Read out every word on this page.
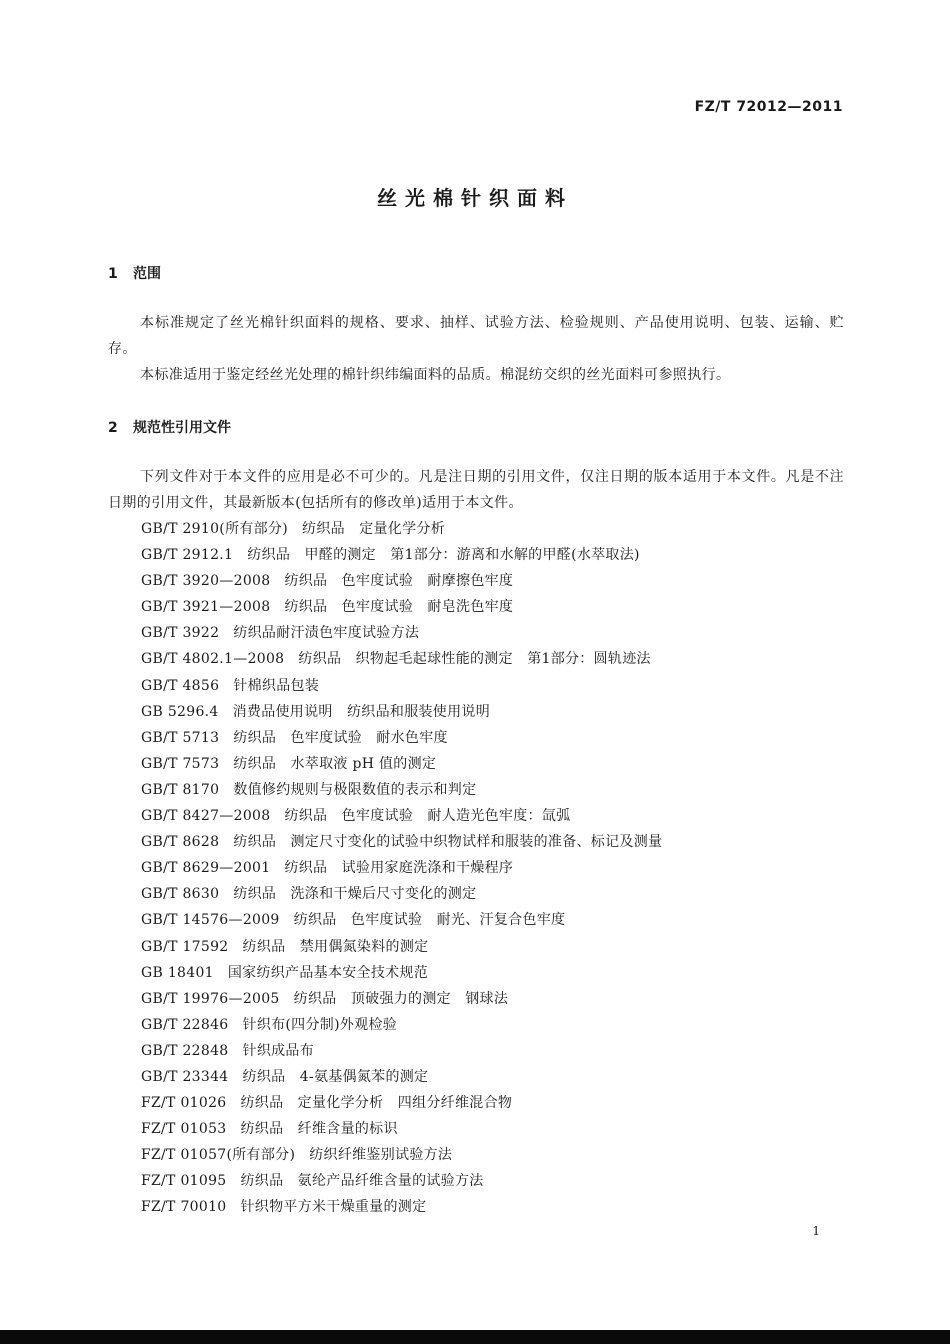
FZ/T 72012—2011
丝光棉针织面料
1 范围
本标准规定了丝光棉针织面料的规格、要求、抽样、试验方法、检验规则、产品使用说明、包装、运输、贮存。
本标准适用于鉴定经丝光处理的棉针织纬编面料的品质。棉混纺交织的丝光面料可参照执行。
2 规范性引用文件
下列文件对于本文件的应用是必不可少的。凡是注日期的引用文件，仅注日期的版本适用于本文件。凡是不注日期的引用文件，其最新版本(包括所有的修改单)适用于本文件。
GB/T 2910(所有部分) 纺织品　定量化学分析
GB/T 2912.1 纺织品　甲醛的测定　第1部分：游离和水解的甲醛(水萃取法)
GB/T 3920—2008 纺织品　色牢度试验　耐摩擦色牢度
GB/T 3921—2008 纺织品　色牢度试验　耐皂洗色牢度
GB/T 3922 纺织品耐汗渍色牢度试验方法
GB/T 4802.1—2008 纺织品　织物起毛起球性能的测定　第1部分：圆轨迹法
GB/T 4856 针棉织品包装
GB 5296.4 消费品使用说明　纺织品和服装使用说明
GB/T 5713 纺织品　色牢度试验　耐水色牢度
GB/T 7573 纺织品　水萃取液 pH 值的测定
GB/T 8170 数值修约规则与极限数值的表示和判定
GB/T 8427—2008 纺织品　色牢度试验　耐人造光色牢度：氙弧
GB/T 8628 纺织品　测定尺寸变化的试验中织物试样和服装的准备、标记及测量
GB/T 8629—2001 纺织品　试验用家庭洗涤和干燥程序
GB/T 8630 纺织品　洗涤和干燥后尺寸变化的测定
GB/T 14576—2009 纺织品　色牢度试验　耐光、汗复合色牢度
GB/T 17592 纺织品　禁用偶氮染料的测定
GB 18401 国家纺织产品基本安全技术规范
GB/T 19976—2005 纺织品　顶破强力的测定　钢球法
GB/T 22846 针织布(四分制)外观检验
GB/T 22848 针织成品布
GB/T 23344 纺织品　4-氨基偶氮苯的测定
FZ/T 01026 纺织品　定量化学分析　四组分纤维混合物
FZ/T 01053 纺织品　纤维含量的标识
FZ/T 01057(所有部分) 纺织纤维鉴别试验方法
FZ/T 01095 纺织品　氨纶产品纤维含量的试验方法
FZ/T 70010 针织物平方米干燥重量的测定
1
